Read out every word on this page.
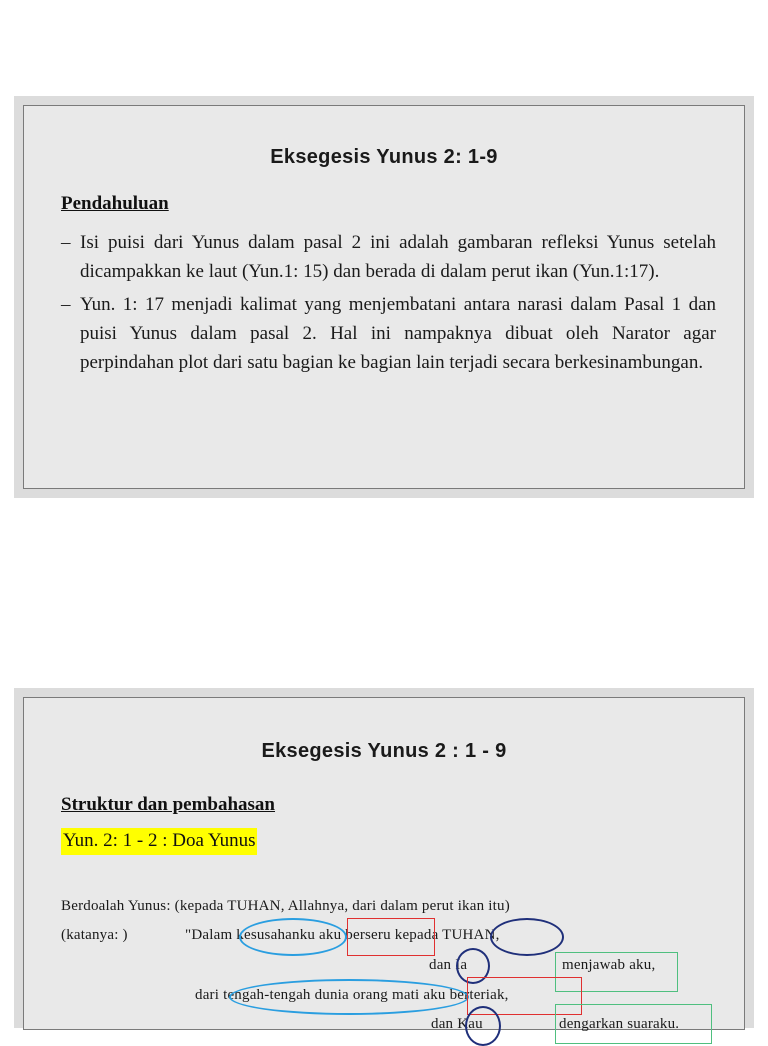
Eksegesis Yunus 2: 1-9
Pendahuluan
– Isi puisi dari Yunus dalam pasal 2 ini adalah gambaran refleksi Yunus setelah dicampakkan ke laut (Yun.1: 15) dan berada di dalam perut ikan (Yun.1:17).
– Yun. 1: 17 menjadi kalimat yang menjembatani antara narasi dalam Pasal 1 dan puisi Yunus dalam pasal 2. Hal ini nampaknya dibuat oleh Narator agar perpindahan plot dari satu bagian ke bagian lain terjadi secara berkesinambungan.
Eksegesis Yunus 2 : 1 - 9
Struktur dan pembahasan
Yun. 2: 1 - 2 : Doa Yunus
Berdoalah Yunus: (kepada TUHAN, Allahnya, dari dalam perut ikan itu)
(katanya: )	"Dalam kesusahanku aku berseru kepada TUHAN,
dan Ia	menjawab aku,
dari tengah-tengah dunia orang mati aku berteriak,
dan Kau	dengarkan suaraku.
